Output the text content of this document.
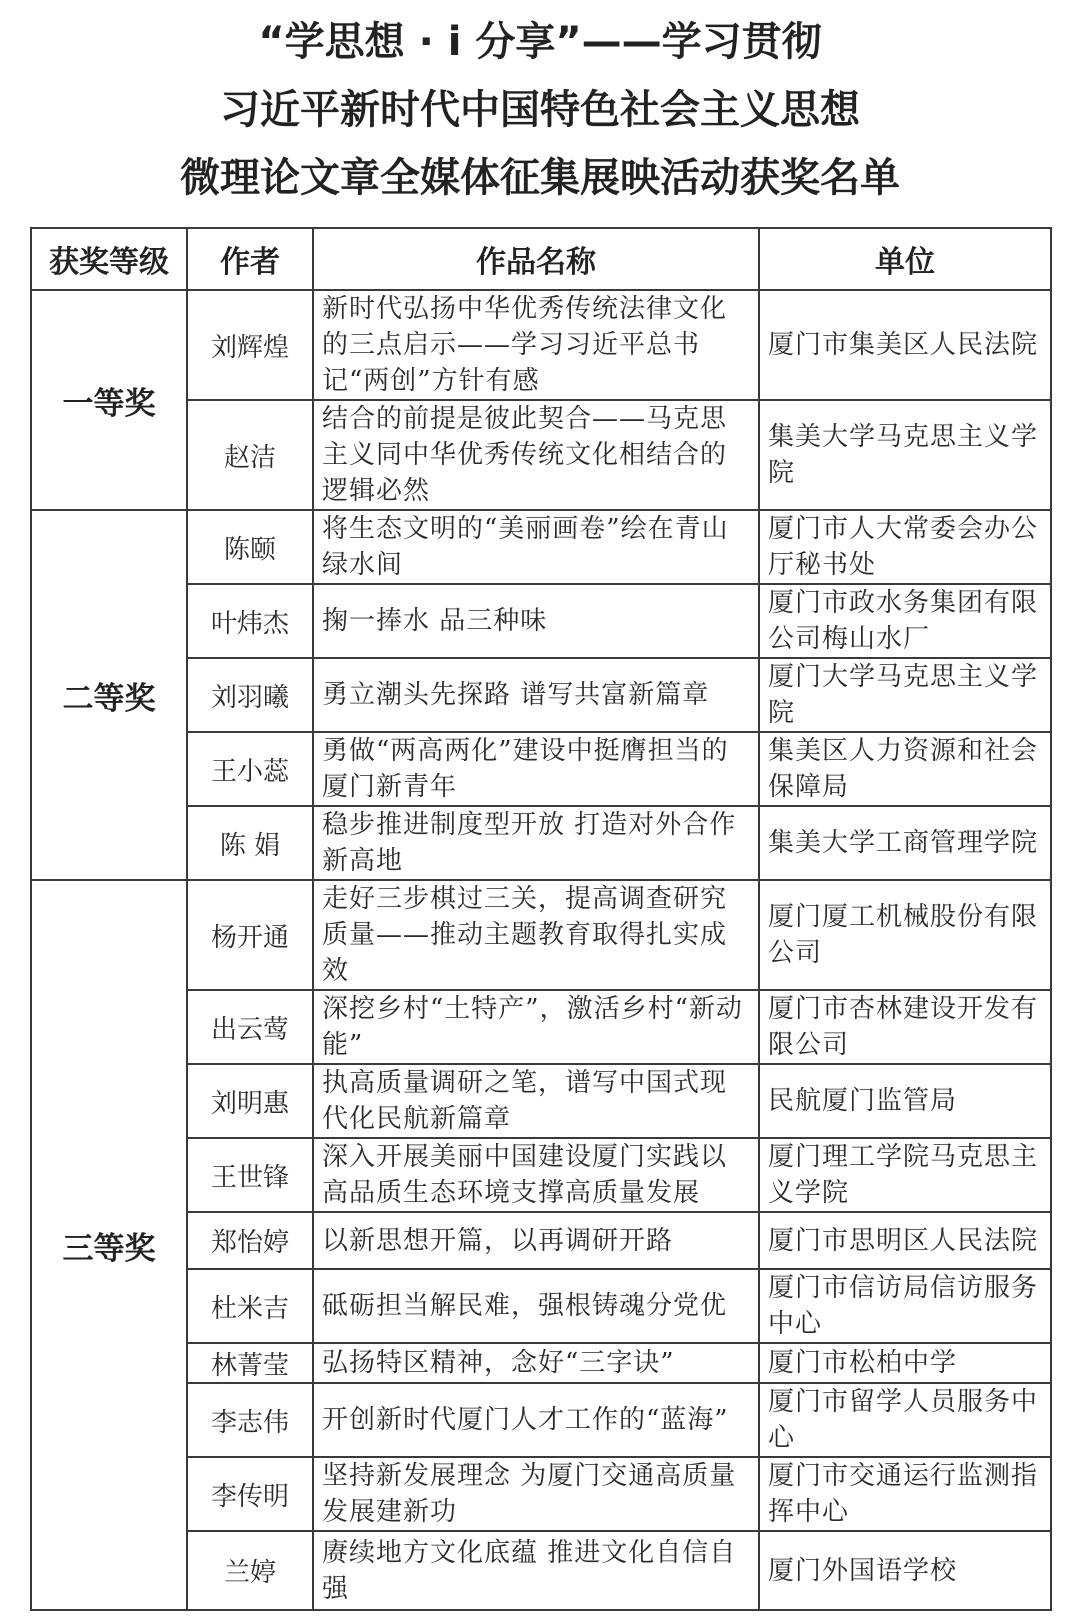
“学思想 · i 分享”——学习贯彻
习近平新时代中国特色社会主义思想
微理论文章全媒体征集展映活动获奖名单
获奖等级	作者	作品名称	单位
一等奖	刘辉煌	新时代弘扬中华优秀传统法律文化的三点启示——学习习近平总书记“两创”方针有感	厦门市集美区人民法院
	赵洁	结合的前提是彼此契合——马克思主义同中华优秀传统文化相结合的逻辑必然	集美大学马克思主义学院
二等奖	陈颐	将生态文明的“美丽画卷”绘在青山绿水间	厦门市人大常委会办公厅秘书处
	叶炜杰	掬一捧水 品三种味	厦门市政水务集团有限公司梅山水厂
	刘羽曦	勇立潮头先探路 谱写共富新篇章	厦门大学马克思主义学院
	王小蕊	勇做“两高两化”建设中挺膺担当的厦门新青年	集美区人力资源和社会保障局
	陈 娟	稳步推进制度型开放 打造对外合作新高地	集美大学工商管理学院
三等奖	杨开通	走好三步棋过三关，提高调查研究质量——推动主题教育取得扎实成效	厦门厦工机械股份有限公司
	出云莺	深挖乡村“土特产”，激活乡村“新动能”	厦门市杏林建设开发有限公司
	刘明惠	执高质量调研之笔，谱写中国式现代化民航新篇章	民航厦门监管局
	王世锋	深入开展美丽中国建设厦门实践以高品质生态环境支撑高质量发展	厦门理工学院马克思主义学院
	郑怡婷	以新思想开篇，以再调研开路	厦门市思明区人民法院
	杜米吉	砥砺担当解民难，强根铸魂分党优	厦门市信访局信访服务中心
	林菁莹	弘扬特区精神，念好“三字诀”	厦门市松柏中学
	李志伟	开创新时代厦门人才工作的“蓝海”	厦门市留学人员服务中心
	李传明	坚持新发展理念 为厦门交通高质量发展建新功	厦门市交通运行监测指挥中心
	兰婷	赓续地方文化底蕴 推进文化自信自强	厦门外国语学校
